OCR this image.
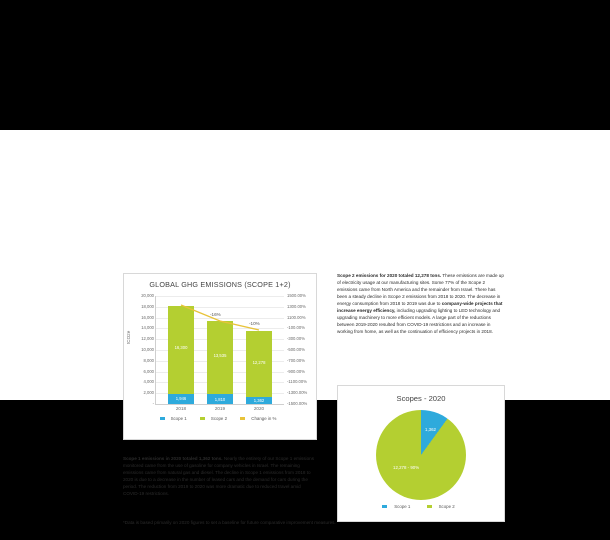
GLOBAL GHG EMISSIONS (SCOPE 1+2)
tCO2e
20,000
18,000
16,000
14,000
12,000
10,000
8,000
6,000
4,000
2,000
-
1500.00%
1300.00%
1100.00%
-100.00%
-300.00%
-500.00%
-700.00%
-900.00%
-1100.00%
-1300.00%
-1500.00%
1,946
16,300
1,810
13,535
1,362
12,278
-16%
-10%
2018	2019	2020
Scope 1	Scope 2	Change in %
Scope 2 emissions for 2020 totaled 12,278 tons. These emissions are made up of electricity usage at our manufacturing sites. Some 77% of the Scope 2 emissions came from North America and the remainder from Israel. There has been a steady decline in Scope 2 emissions from 2018 to 2020. The decrease in energy consumption from 2018 to 2019 was due to company-wide projects that increase energy efficiency, including upgrading lighting to LED technology and upgrading machinery to more efficient models. A large part of the reductions between 2019-2020 resulted from COVID-19 restrictions and an increase in working from home, as well as the continuation of efficiency projects in 2018.
Scopes - 2020
1,362
12,278 - 90%
Scope 1	Scope 2
Scope 1 emissions in 2020 totaled 1,362 tons. Nearly the entirety of our Scope 1 emissions monitored came from the use of gasoline for company vehicles in Israel. The remaining emissions came from natural gas and diesel. The decline in Scope 1 emissions from 2018 to 2020 is due to a decrease in the number of leased cars and the demand for cars during the period. The reduction from 2019 to 2020 was more dramatic due to reduced travel amid COVID-19 restrictions.
*Data is based primarily on 2020 figures to set a baseline for future comparative improvement measures.
